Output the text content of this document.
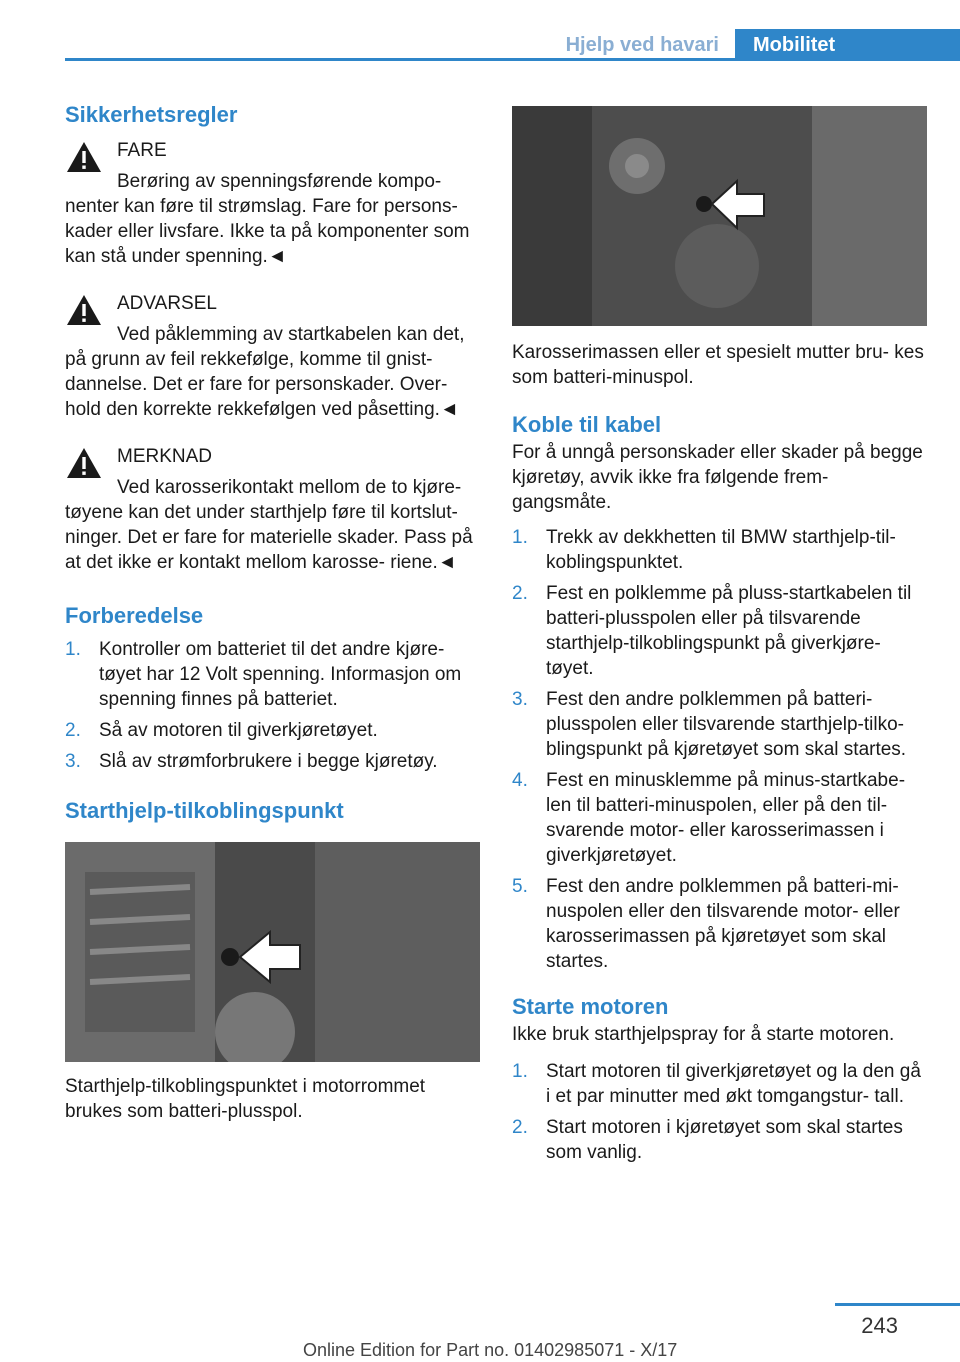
Hjelp ved havari	Mobilitet
Sikkerhetsregler
FARE
Berøring av spenningsførende kompo-
nenter kan føre til strømslag. Fare for persons- kader eller livsfare. Ikke ta på komponenter som kan stå under spenning.◄
ADVARSEL
Ved påklemming av startkabelen kan det,
på grunn av feil rekkefølge, komme til gnist- dannelse. Det er fare for personskader. Over- hold den korrekte rekkefølgen ved påsetting.◄
MERKNAD
Ved karosserikontakt mellom de to kjøre-
tøyene kan det under starthjelp føre til kortslut- ninger. Det er fare for materielle skader. Pass på at det ikke er kontakt mellom karosse- riene.◄
Forberedelse
1. Kontroller om batteriet til det andre kjøre- tøyet har 12 Volt spenning. Informasjon om spenning finnes på batteriet.
2. Så av motoren til giverkjøretøyet.
3. Slå av strømforbrukere i begge kjøretøy.
Starthjelp-tilkoblingspunkt

Starthjelp-tilkoblingspunktet i motorrommet brukes som batteri-plusspol.

Karosserimassen eller et spesielt mutter bru- kes som batteri-minuspol.

Koble til kabel

For å unngå personskader eller skader på begge kjøretøy, avvik ikke fra følgende frem- gangsmåte.

1. Trekk av dekkhetten til BMW starthjelp-til- koblingspunktet.
2. Fest en polklemme på pluss-startkabelen til batteri-plusspolen eller på tilsvarende starthjelp-tilkoblingspunkt på giverkjøre- tøyet.
3. Fest den andre polklemmen på batteri- plusspolen eller tilsvarende starthjelp-tilko- blingspunkt på kjøretøyet som skal startes.
4. Fest en minusklemme på minus-startkabe- len til batteri-minuspolen, eller på den til- svarende motor- eller karosserimassen i giverkjøretøyet.
5. Fest den andre polklemmen på batteri-mi- nuspolen eller den tilsvarende motor- eller karosserimassen på kjøretøyet som skal startes.
Starte motoren

Ikke bruk starthjelpspray for å starte motoren.

1. Start motoren til giverkjøretøyet og la den gå i et par minutter med økt tomgangstur- tall.
2. Start motoren i kjøretøyet som skal startes som vanlig.
243
Online Edition for Part no. 01402985071 - X/17
